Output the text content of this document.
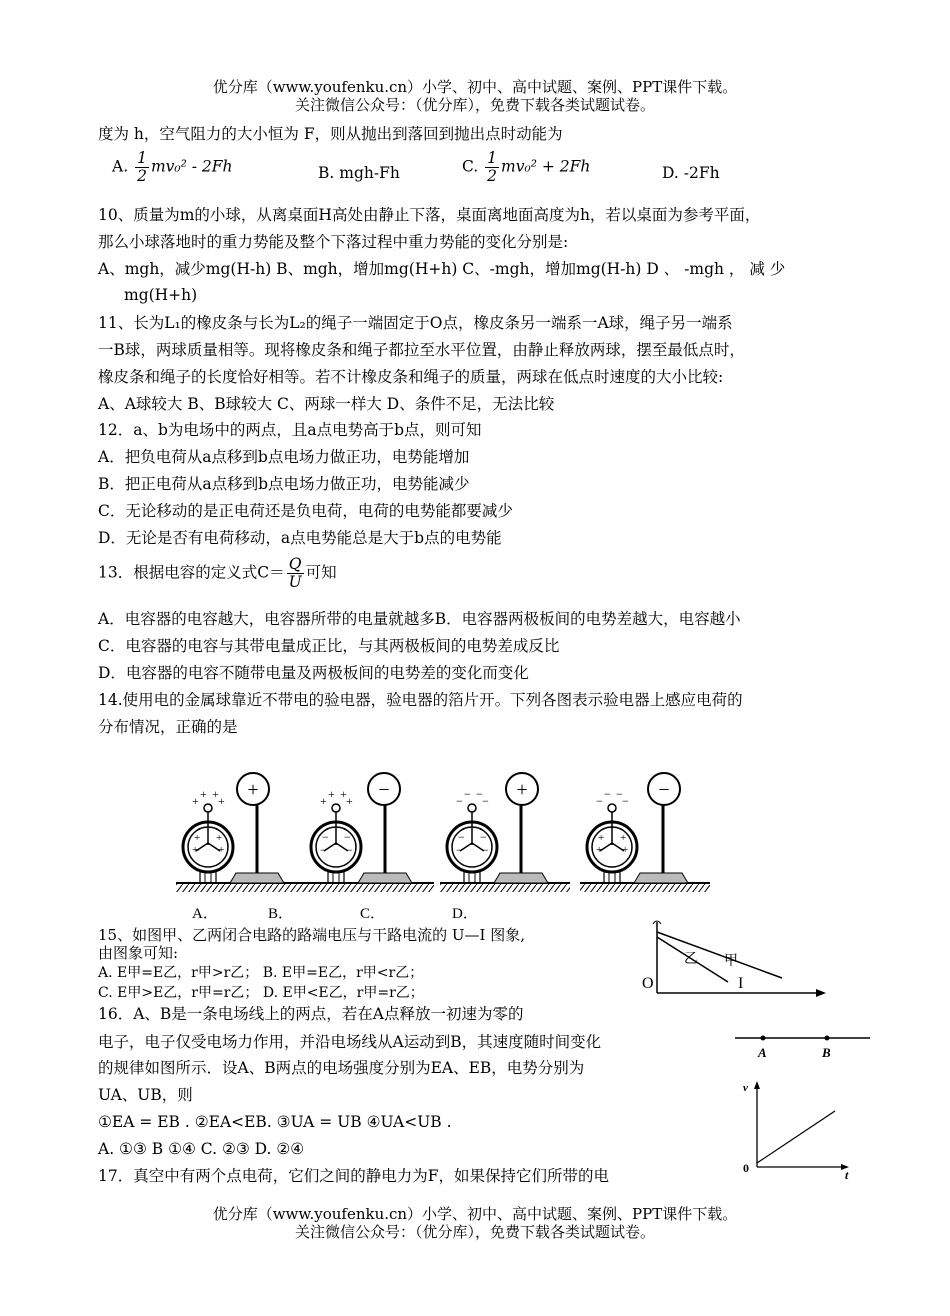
优分库（www.youfenku.cn）小学、初中、高中试题、案例、PPT课件下载。
关注微信公众号：（优分库），免费下载各类试题试卷。
度为 h，空气阻力的大小恒为 F，则从抛出到落回到抛出点时动能为
A. $\frac{1}{2} mv_0^2 - 2Fh$	B. mgh-Fh	C. $\frac{1}{2} mv_0^2 + 2Fh$	D. -2Fh
10、质量为m的小球，从离桌面H高处由静止下落，桌面离地面高度为h，若以桌面为参考平面，
那么小球落地时的重力势能及整个下落过程中重力势能的变化分别是:
A、mgh，减少mg(H-h) B、mgh，增加mg(H+h) C、-mgh，增加mg(H-h) D 、 -mgh ， 减 少
mg(H+h)
11、长为L₁的橡皮条与长为L₂的绳子一端固定于O点，橡皮条另一端系一A球，绳子另一端系
一B球，两球质量相等。现将橡皮条和绳子都拉至水平位置，由静止释放两球，摆至最低点时，
橡皮条和绳子的长度恰好相等。若不计橡皮条和绳子的质量，两球在低点时速度的大小比较:
A、A球较大 B、B球较大 C、两球一样大 D、条件不足，无法比较
12．a、b为电场中的两点，且a点电势高于b点，则可知
A．把负电荷从a点移到b点电场力做正功，电势能增加
B．把正电荷从a点移到b点电场力做正功，电势能减少
C．无论移动的是正电荷还是负电荷，电荷的电势能都要减少
D．无论是否有电荷移动，a点电势能总是大于b点的电势能
13．根据电容的定义式$C= \frac{Q}{U}$ 可知
A．电容器的电容越大，电容器所带的电量就越多B．电容器两极板间的电势差越大，电容越小
C．电容器的电容与其带电量成正比，与其两极板间的电势差成反比
D．电容器的电容不随带电量及两极板间的电势差的变化而变化
14.使用电的金属球靠近不带电的验电器，验电器的箔片开。下列各图表示验电器上感应电荷的
分布情况，正确的是
+ + + +
+ +
+ +
+	+ + + +
− −
− −
−	− − − −
− −
− −
+	− − − −
+ +
+ +
−
A．	B．	C．	D．
15、如图甲、乙两闭合电路的路端电压与干路电流的 U—I 图象,
由图象可知:
A. E甲=E乙，r甲>r乙； B. E甲=E乙，r甲<r乙；
C. E甲>E乙，r甲=r乙； D. E甲<E乙，r甲=r乙；
O	I
甲
乙
16．A、B是一条电场线上的两点，若在A点释放一初速为零的
电子，电子仅受电场力作用，并沿电场线从A运动到B，其速度随时间变化
的规律如图所示．设A、B两点的电场强度分别为EA、EB，电势分别为
UA、UB，则
①EA = EB . ②EA<EB. ③UA = UB ④UA<UB .
A. ①③ B ①④ C. ②③ D. ②④
A	B
v
t
0
17．真空中有两个点电荷，它们之间的静电力为F，如果保持它们所带的电
优分库（www.youfenku.cn）小学、初中、高中试题、案例、PPT课件下载。
关注微信公众号：（优分库），免费下载各类试题试卷。
